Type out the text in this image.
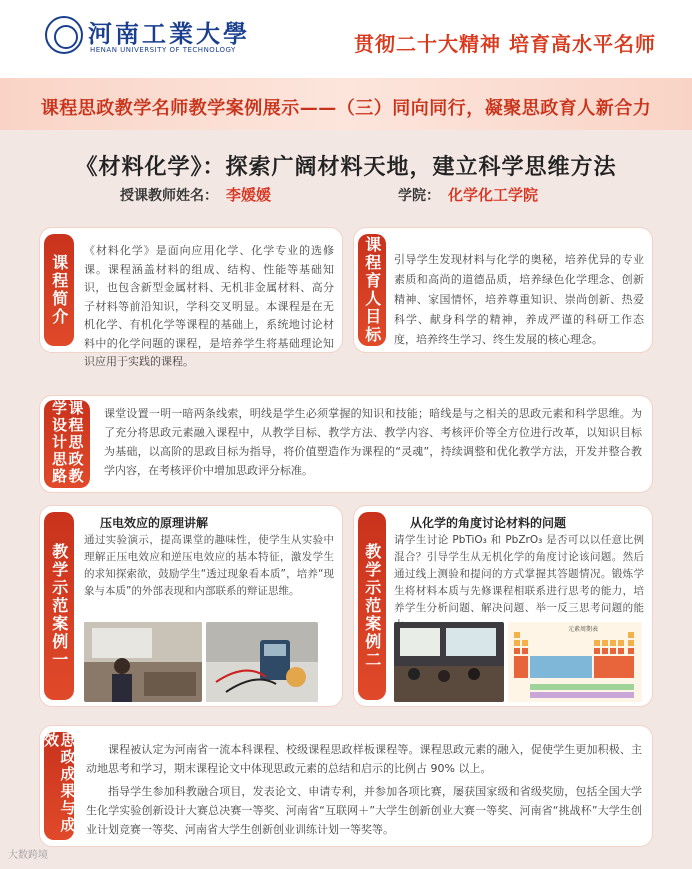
河南工業大學
HENAN UNIVERSITY OF TECHNOLOGY	贯彻二十大精神 培育高水平名师
课程思政教学名师教学案例展示——（三）同向同行，凝聚思政育人新合力
《材料化学》：探索广阔材料天地，建立科学思维方法
授课教师姓名： 李媛媛	学院： 化学化工学院
课程简介
《材料化学》是面向应用化学、化学专业的选修课。课程涵盖材料的组成、结构、性能等基础知识，也包含新型金属材料、无机非金属材料、高分子材料等前沿知识，学科交叉明显。本课程是在无机化学、有机化学等课程的基础上，系统地讨论材料中的化学问题的课程，是培养学生将基础理论知识应用于实践的课程。
课程育人目标	引导学生发现材料与化学的奥秘，培养优异的专业素质和高尚的道德品质，培养绿色化学理念、创新精神、家国情怀，培养尊重知识、崇尚创新、热爱科学、献身科学的精神，养成严谨的科研工作态度，培养终生学习、终生发展的核心理念。
课程思政教学设计思路	课堂设置一明一暗两条线索，明线是学生必须掌握的知识和技能；暗线是与之相关的思政元素和科学思维。为了充分将思政元素融入课程中，从教学目标、教学方法、教学内容、考核评价等全方位进行改革，以知识目标为基础，以高阶的思政目标为指导，将价值塑造作为课程的“灵魂”，持续调整和优化教学方法，开发并整合教学内容，在考核评价中增加思政评分标准。
教学示范案例一
压电效应的原理讲解
通过实验演示，提高课堂的趣味性，使学生从实验中理解正压电效应和逆压电效应的基本特征，激发学生的求知探索欲，鼓励学生“透过现象看本质”，培养“现象与本质”的外部表现和内部联系的辩证思维。	教学示范案例二
从化学的角度讨论材料的问题
请学生讨论 PbTiO₃ 和 PbZrO₃ 是否可以以任意比例混合？引导学生从无机化学的角度讨论该问题。然后通过线上测验和提问的方式掌握其答题情况。锻炼学生将材料本质与先修课程相联系进行思考的能力，培养学生分析问题、解决问题、举一反三思考问题的能
元素周期表
思政成果与成效
课程被认定为河南省一流本科课程、校级课程思政样板课程等。课程思政元素的融入，促使学生更加积极、主动地思考和学习，期末课程论文中体现思政元素的总结和启示的比例占 90% 以上。
指导学生参加科教融合项目，发表论文、申请专利，并参加各项比赛，屡获国家级和省级奖励，包括全国大学生化学实验创新设计大赛总决赛一等奖、河南省“互联网＋”大学生创新创业大赛一等奖、河南省“挑战杯”大学生创业计划竞赛一等奖、河南省大学生创新创业训练计划一等奖等。
大数跨境
